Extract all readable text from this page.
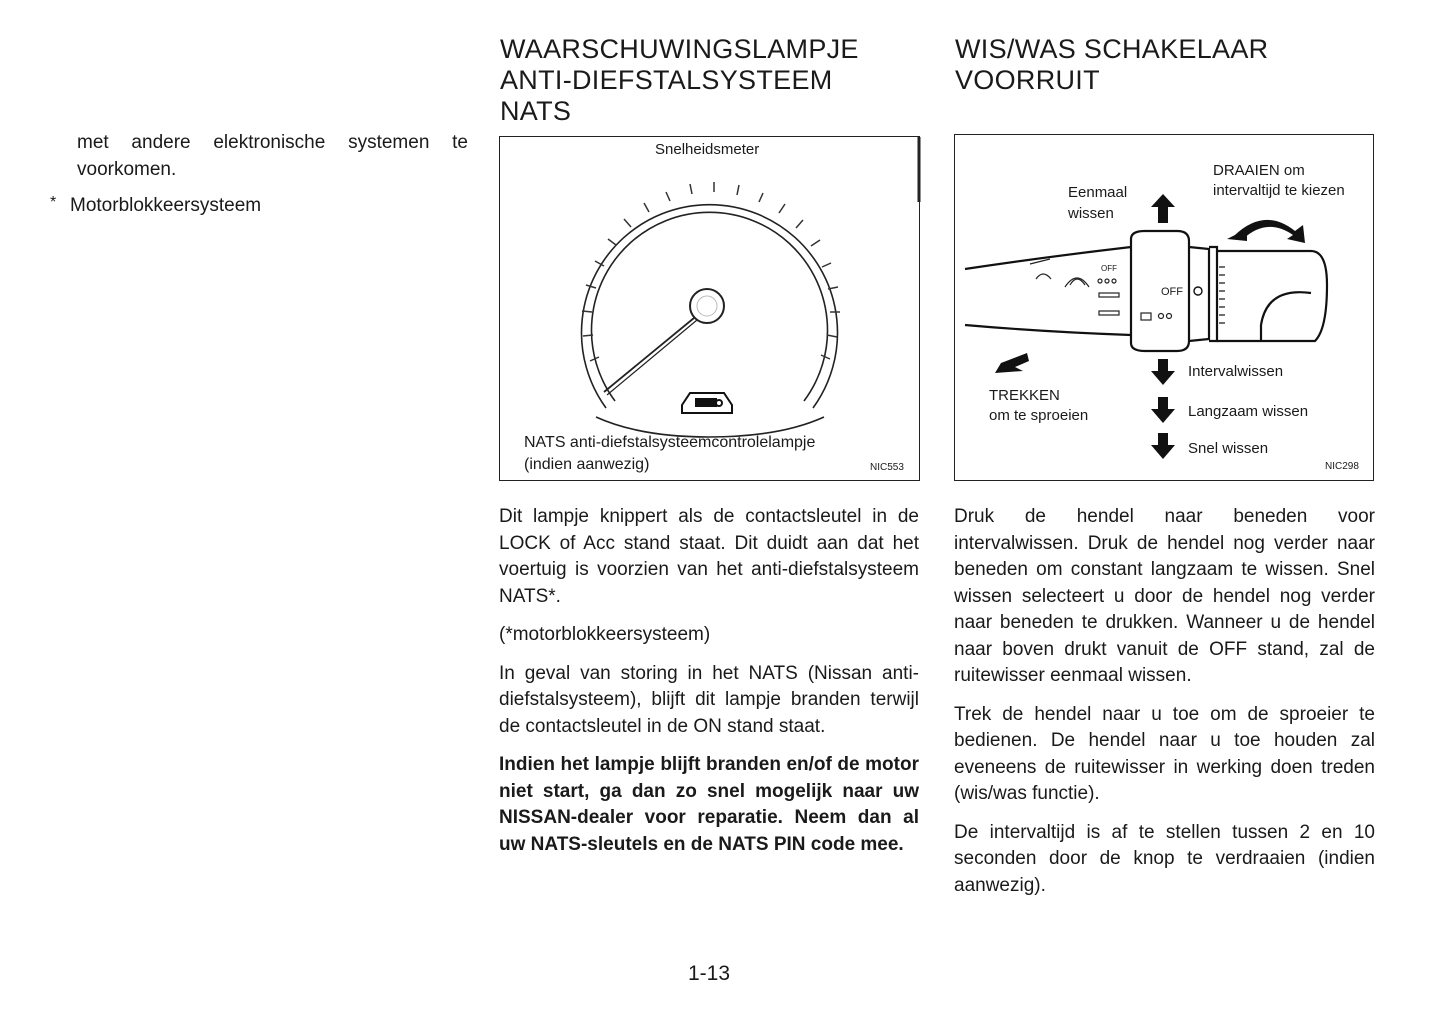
met andere elektronische systemen te voorkomen.

* Motorblokkeersysteem
WAARSCHUWINGSLAMPJE
ANTI-DIEFSTALSYSTEEM
NATS
Snelheidsmeter
NATS anti-diefstalsysteemcontrolelampje
(indien aanwezig)	NIC553

Dit lampje knippert als de contactsleutel in de LOCK of Acc stand staat. Dit duidt aan dat het voertuig is voorzien van het anti-diefstalsysteem NATS*.

(*motorblokkeersysteem)

In geval van storing in het NATS (Nissan anti-diefstalsysteem), blijft dit lampje branden terwijl de contactsleutel in de ON stand staat.

Indien het lampje blijft branden en/of de motor niet start, ga dan zo snel mogelijk naar uw NISSAN-dealer voor reparatie. Neem dan al uw NATS-sleutels en de NATS PIN code mee.

WIS/WAS SCHAKELAAR
VOORRUIT
Eenmaal
wissen
DRAAIEN om
intervaltijd te kiezen
OFF
OFF
TREKKEN
om te sproeien
Intervalwissen
Langzaam wissen
Snel wissen
NIC298

Druk de hendel naar beneden voor intervalwissen. Druk de hendel nog verder naar beneden om constant langzaam te wissen. Snel wissen selecteert u door de hendel nog verder naar beneden te drukken. Wanneer u de hendel naar boven drukt vanuit de OFF stand, zal de ruitewisser eenmaal wissen.

Trek de hendel naar u toe om de sproeier te bedienen. De hendel naar u toe houden zal eveneens de ruitewisser in werking doen treden (wis/was functie).

De intervaltijd is af te stellen tussen 2 en 10 seconden door de knop te verdraaien (indien aanwezig).

1-13
